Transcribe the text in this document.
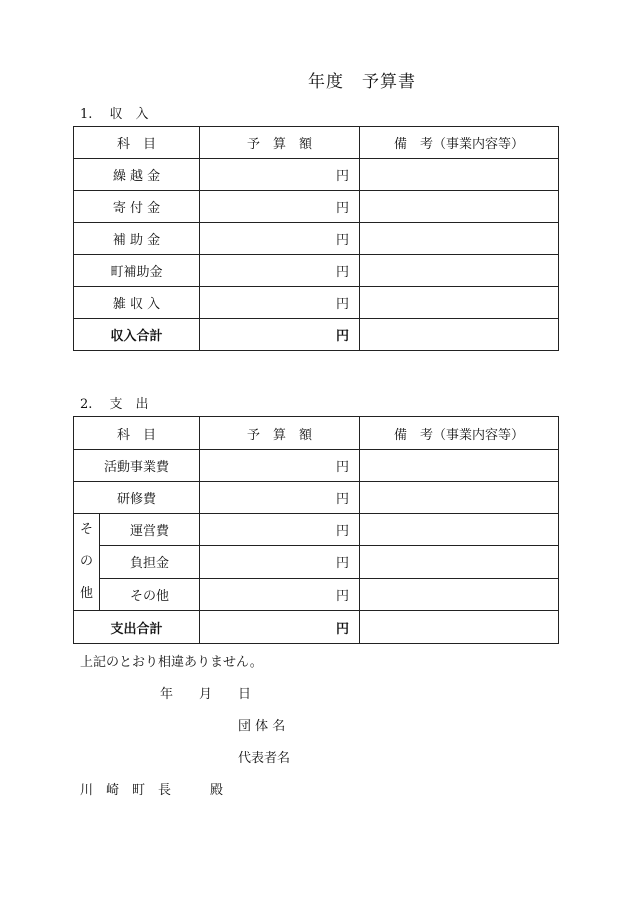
年度　予算書
1.　 収　入
科　目	予　算　額	備　考（事業内容等）
繰 越 金	円	
寄 付 金	円	
補 助 金	円	
町補助金	円	
雑 収 入	円	
収入合計	円	
2.　 支　出
科　目		予　算　額	備　考（事業内容等）
活動事業費		円	
研修費		円	

そ
の
他	運営費	円	
	負担金	円	
	その他	円	
支出合計		円	
上記のとおり相違ありません。
年　　月　　日
団 体 名
代表者名
川　崎　町　長　　　殿
